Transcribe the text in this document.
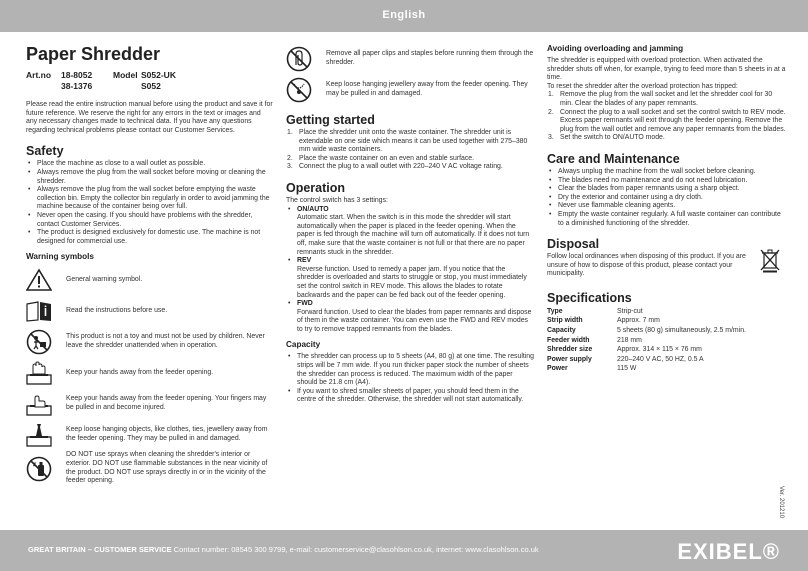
English
Paper Shredder
Art.no	18-8052	Model S052-UK
38-1376	S052

Please read the entire instruction manual before using the product and save it for future reference. We reserve the right for any errors in the text or images and any necessary changes made to technical data. If you have any questions regarding technical problems please contact our Customer Services.

Safety
• Place the machine as close to a wall outlet as possible.
• Always remove the plug from the wall socket before moving or cleaning the shredder.
• Always remove the plug from the wall socket before emptying the waste collection bin. Empty the collector bin regularly in order to avoid jamming the machine because of the container being over full.
• Never open the casing. If you should have problems with the shredder, contact Customer Services.
• The product is designed exclusively for domestic use. The machine is not designed for commercial use.
Warning symbols

General warning symbol.

Read the instructions before use.

This product is not a toy and must not be used by children. Never leave the shredder unattended when in operation.

Keep your hands away from the feeder opening.

Keep your hands away from the feeder opening. Your fingers may be pulled in and become injured.

Keep loose hanging objects, like clothes, ties, jewellery away from the feeder opening. They may be pulled in and damaged.

DO NOT use sprays when cleaning the shredder's interior or exterior. DO NOT use flammable substances in the near vicinity of the product. DO NOT use sprays directly in or in the vicinity of the feeder opening.

Remove all paper clips and staples before running them through the shredder.

Keep loose hanging jewellery away from the feeder opening. They may be pulled in and damaged.

Getting started
1. Place the shredder unit onto the waste container. The shredder unit is extendable on one side which means it can be used together with 275–380 mm wide waste containers.
2. Place the waste container on an even and stable surface.
3. Connect the plug to a wall outlet with 220–240 V AC voltage rating.
Operation

The control switch has 3 settings:

• ON/AUTO

Automatic start. When the switch is in this mode the shredder will start automatically when the paper is placed in the feeder opening. When the paper is fed through the machine will turn off automatically. If it does not turn off, make sure that the waste container is not full or that there are no paper remnants stuck in the shredder.

• REV

Reverse function. Used to remedy a paper jam. If you notice that the shredder is overloaded and starts to struggle or stop, you must immediately set the control switch in REV mode. This allows the blades to rotate backwards and the paper can be fed back out of the feeder opening.

• FWD

Forward function. Used to clear the blades from paper remnants and dispose of them in the waste container. You can even use the FWD and REV modes to try to remove trapped remnants from the blades.

Capacity
• The shredder can process up to 5 sheets (A4, 80 g) at one time. The resulting strips will be 7 mm wide. If you run thicker paper stock the number of sheets the shredder can process is reduced. The maximum width of the paper should be 21.8 cm (A4).
• If you want to shred smaller sheets of paper, you should feed them in the centre of the shredder. Otherwise, the shredder will not start automatically.
Avoiding overloading and jamming

The shredder is equipped with overload protection. When activated the shredder shuts off when, for example, trying to feed more than 5 sheets in at a time.

To reset the shredder after the overload protection has tripped:

1. Remove the plug from the wall socket and let the shredder cool for 30 min. Clear the blades of any paper remnants.
2. Connect the plug to a wall socket and set the control switch to REV mode. Excess paper remnants will exit through the feeder opening. Remove the plug from the wall outlet and remove any paper remnants from the blades.
3. Set the switch to ON/AUTO mode.
Care and Maintenance
• Always unplug the machine from the wall socket before cleaning.
• The blades need no maintenance and do not need lubrication.
• Clear the blades from paper remnants using a sharp object.
• Dry the exterior and container using a dry cloth.
• Never use flammable cleaning agents.
• Empty the waste container regularly. A full waste container can contribute to a diminished functioning of the shredder.
Disposal

Follow local ordinances when disposing of this product. If you are unsure of how to dispose of this product, please contact your municipality.

Specifications
Type	Strip-cut
Strip width	Approx. 7 mm
Capacity	5 sheets (80 g) simultaneously, 2.5 m/min.
Feeder width	218 mm
Shredder size	Approx. 314 × 115 × 76 mm
Power supply	220–240 V AC, 50 HZ, 0.5 A
Power	115 W
Ver. 201210
GREAT BRITAIN – CUSTOMER SERVICE Contact number: 08545 300 9799, e-mail: customerservice@clasohlson.co.uk, internet: www.clasohlson.co.uk	EXIBEL®
